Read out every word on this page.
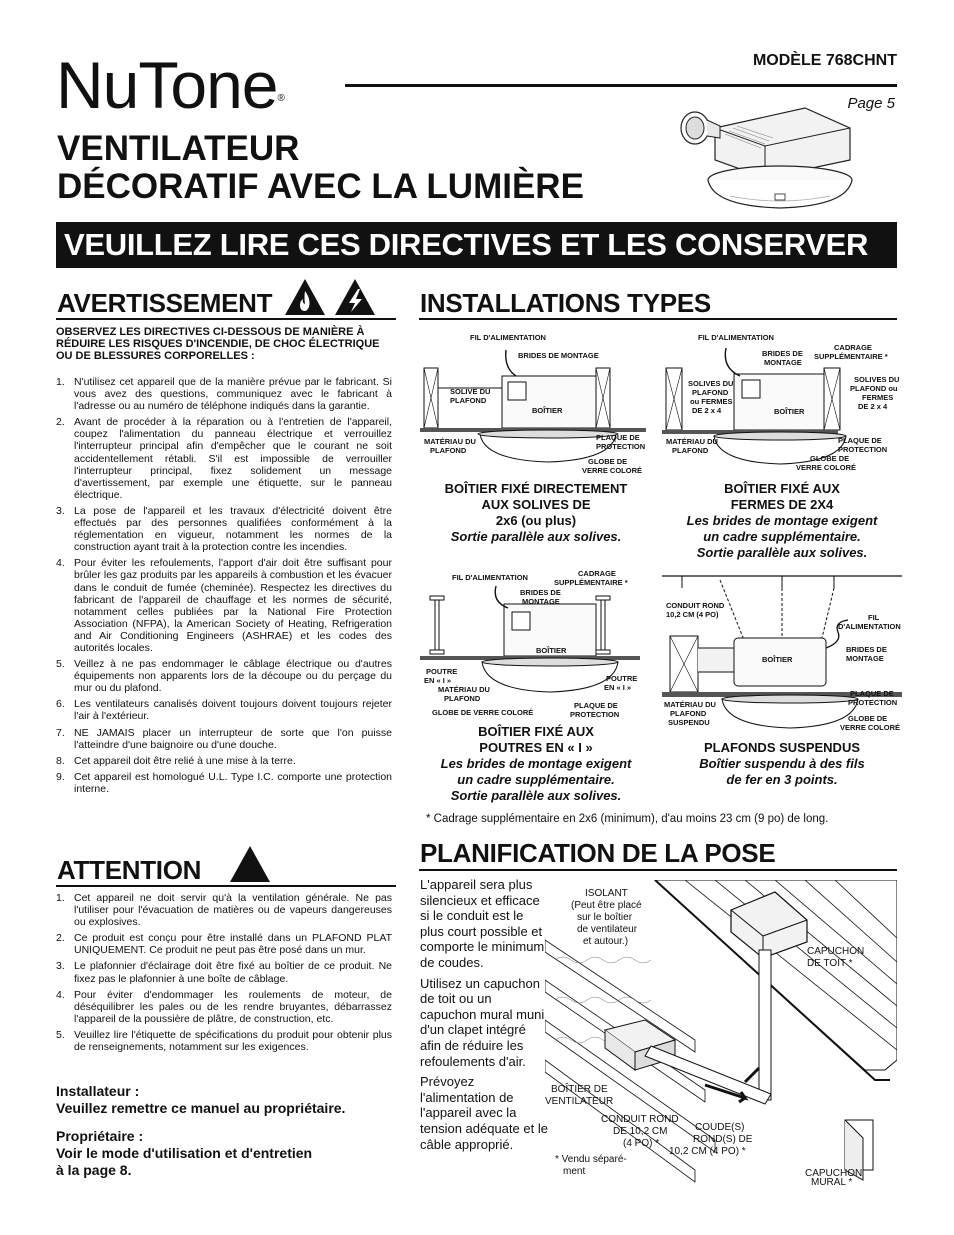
NuTone®
MODÈLE 768CHNT
Page 5
VENTILATEUR
DÉCORATIF AVEC LA LUMIÈRE
VEUILLEZ LIRE CES DIRECTIVES ET LES CONSERVER
AVERTISSEMENT
OBSERVEZ LES DIRECTIVES CI-DESSOUS DE MANIÈRE À RÉDUIRE LES RISQUES D'INCENDIE, DE CHOC ÉLECTRIQUE OU DE BLESSURES CORPORELLES :
1. N'utilisez cet appareil que de la manière prévue par le fabricant. Si vous avez des questions, communiquez avec le fabricant à l'adresse ou au numéro de téléphone indiqués dans la garantie.
2. Avant de procéder à la réparation ou à l'entretien de l'appareil, coupez l'alimentation du panneau électrique et verrouillez l'interrupteur principal afin d'empêcher que le courant ne soit accidentellement rétabli. S'il est impossible de verrouiller l'interrupteur principal, fixez solidement un message d'avertissement, par exemple une étiquette, sur le panneau électrique.
3. La pose de l'appareil et les travaux d'électricité doivent être effectués par des personnes qualifiées conformément à la réglementation en vigueur, notamment les normes de la construction ayant trait à la protection contre les incendies.
4. Pour éviter les refoulements, l'apport d'air doit être suffisant pour brûler les gaz produits par les appareils à combustion et les évacuer dans le conduit de fumée (cheminée). Respectez les directives du fabricant de l'appareil de chauffage et les normes de sécurité, notamment celles publiées par la National Fire Protection Association (NFPA), la American Society of Heating, Refrigeration and Air Conditioning Engineers (ASHRAE) et les codes des autorités locales.
5. Veillez à ne pas endommager le câblage électrique ou d'autres équipements non apparents lors de la découpe ou du perçage du mur ou du plafond.
6. Les ventilateurs canalisés doivent toujours doivent toujours rejeter l'air à l'extérieur.
7. NE JAMAIS placer un interrupteur de sorte que l'on puisse l'atteindre d'une baignoire ou d'une douche.
8. Cet appareil doit être relié à une mise à la terre.
9. Cet appareil est homologué U.L. Type I.C. comporte une protection interne.
ATTENTION
1. Cet appareil ne doit servir qu'à la ventilation générale. Ne pas l'utiliser pour l'évacuation de matières ou de vapeurs dangereuses ou explosives.
2. Ce produit est conçu pour être installé dans un PLAFOND PLAT UNIQUEMENT. Ce produit ne peut pas être posé dans un mur.
3. Le plafonnier d'éclairage doit être fixé au boîtier de ce produit. Ne fixez pas le plafonnier à une boîte de câblage.
4. Pour éviter d'endommager les roulements de moteur, de déséquilibrer les pales ou de les rendre bruyantes, débarrassez l'appareil de la poussière de plâtre, de construction, etc.
5. Veuillez lire l'étiquette de spécifications du produit pour obtenir plus de renseignements, notamment sur les exigences.
Installateur :
Veuillez remettre ce manuel au propriétaire.
Propriétaire :
Voir le mode d'utilisation et d'entretien
à la page 8.
INSTALLATIONS TYPES
FIL D'ALIMENTATION
BRIDES DE MONTAGE
SOLIVE DU
PLAFOND
BOÎTIER
MATÉRIAU DU
PLAFOND
PLAQUE DE
PROTECTION
GLOBE DE
VERRE COLORÉ
BOÎTIER FIXÉ DIRECTEMENT
AUX SOLIVES DE
2x6 (ou plus)
Sortie parallèle aux solives.
FIL D'ALIMENTATION
CADRAGE
SUPPLÉMENTAIRE *
BRIDES DE
MONTAGE
SOLIVES DU
PLAFOND
ou FERMES
DE 2 x 4	BOÎTIER
SOLIVES DU
PLAFOND ou
FERMES
DE 2 x 4
MATÉRIAU DU
PLAFOND
PLAQUE DE
PROTECTION
GLOBE DE
VERRE COLORÉ
BOÎTIER FIXÉ AUX
FERMES DE 2X4
Les brides de montage exigent
un cadre supplémentaire.
Sortie parallèle aux solives.
FIL D'ALIMENTATION	CADRAGE
SUPPLÉMENTAIRE *
BRIDES DE
MONTAGE
BOÎTIER
POUTRE
EN « I »	POUTRE
EN « I »
MATÉRIAU DU
PLAFOND
GLOBE DE VERRE COLORÉ
PLAQUE DE
PROTECTION
BOÎTIER FIXÉ AUX
POUTRES EN « I »
Les brides de montage exigent
un cadre supplémentaire.
Sortie parallèle aux solives.
CONDUIT ROND
10,2 CM (4 PO)	FIL
D'ALIMENTATION
BOÎTIER
BRIDES DE
MONTAGE
MATÉRIAU DU
PLAFOND
SUSPENDU
PLAQUE DE
PROTECTION
GLOBE DE
VERRE COLORÉ
PLAFONDS SUSPENDUS
Boîtier suspendu à des fils
de fer en 3 points.
* Cadrage supplémentaire en 2x6 (minimum), d'au moins 23 cm (9 po) de long.
PLANIFICATION DE LA POSE

L'appareil sera plus silencieux et efficace si le conduit est le plus court possible et comporte le minimum de coudes.

Utilisez un capuchon de toit ou un capuchon mural muni d'un clapet intégré afin de réduire les refoulements d'air.

Prévoyez l'alimentation de l'appareil avec la tension adéquate et le câble approprié.

ISOLANT
(Peut être placé
sur le boîtier
de ventilateur
et autour.)
CAPUCHON
DE TOIT *
BOÎTIER DE
VENTILATEUR
CONDUIT ROND
DE 10,2 CM
(4 PO) *
COUDE(S)
ROND(S) DE
10,2 CM (4 PO) *
* Vendu séparé-
ment	CAPUCHON
MURAL *
